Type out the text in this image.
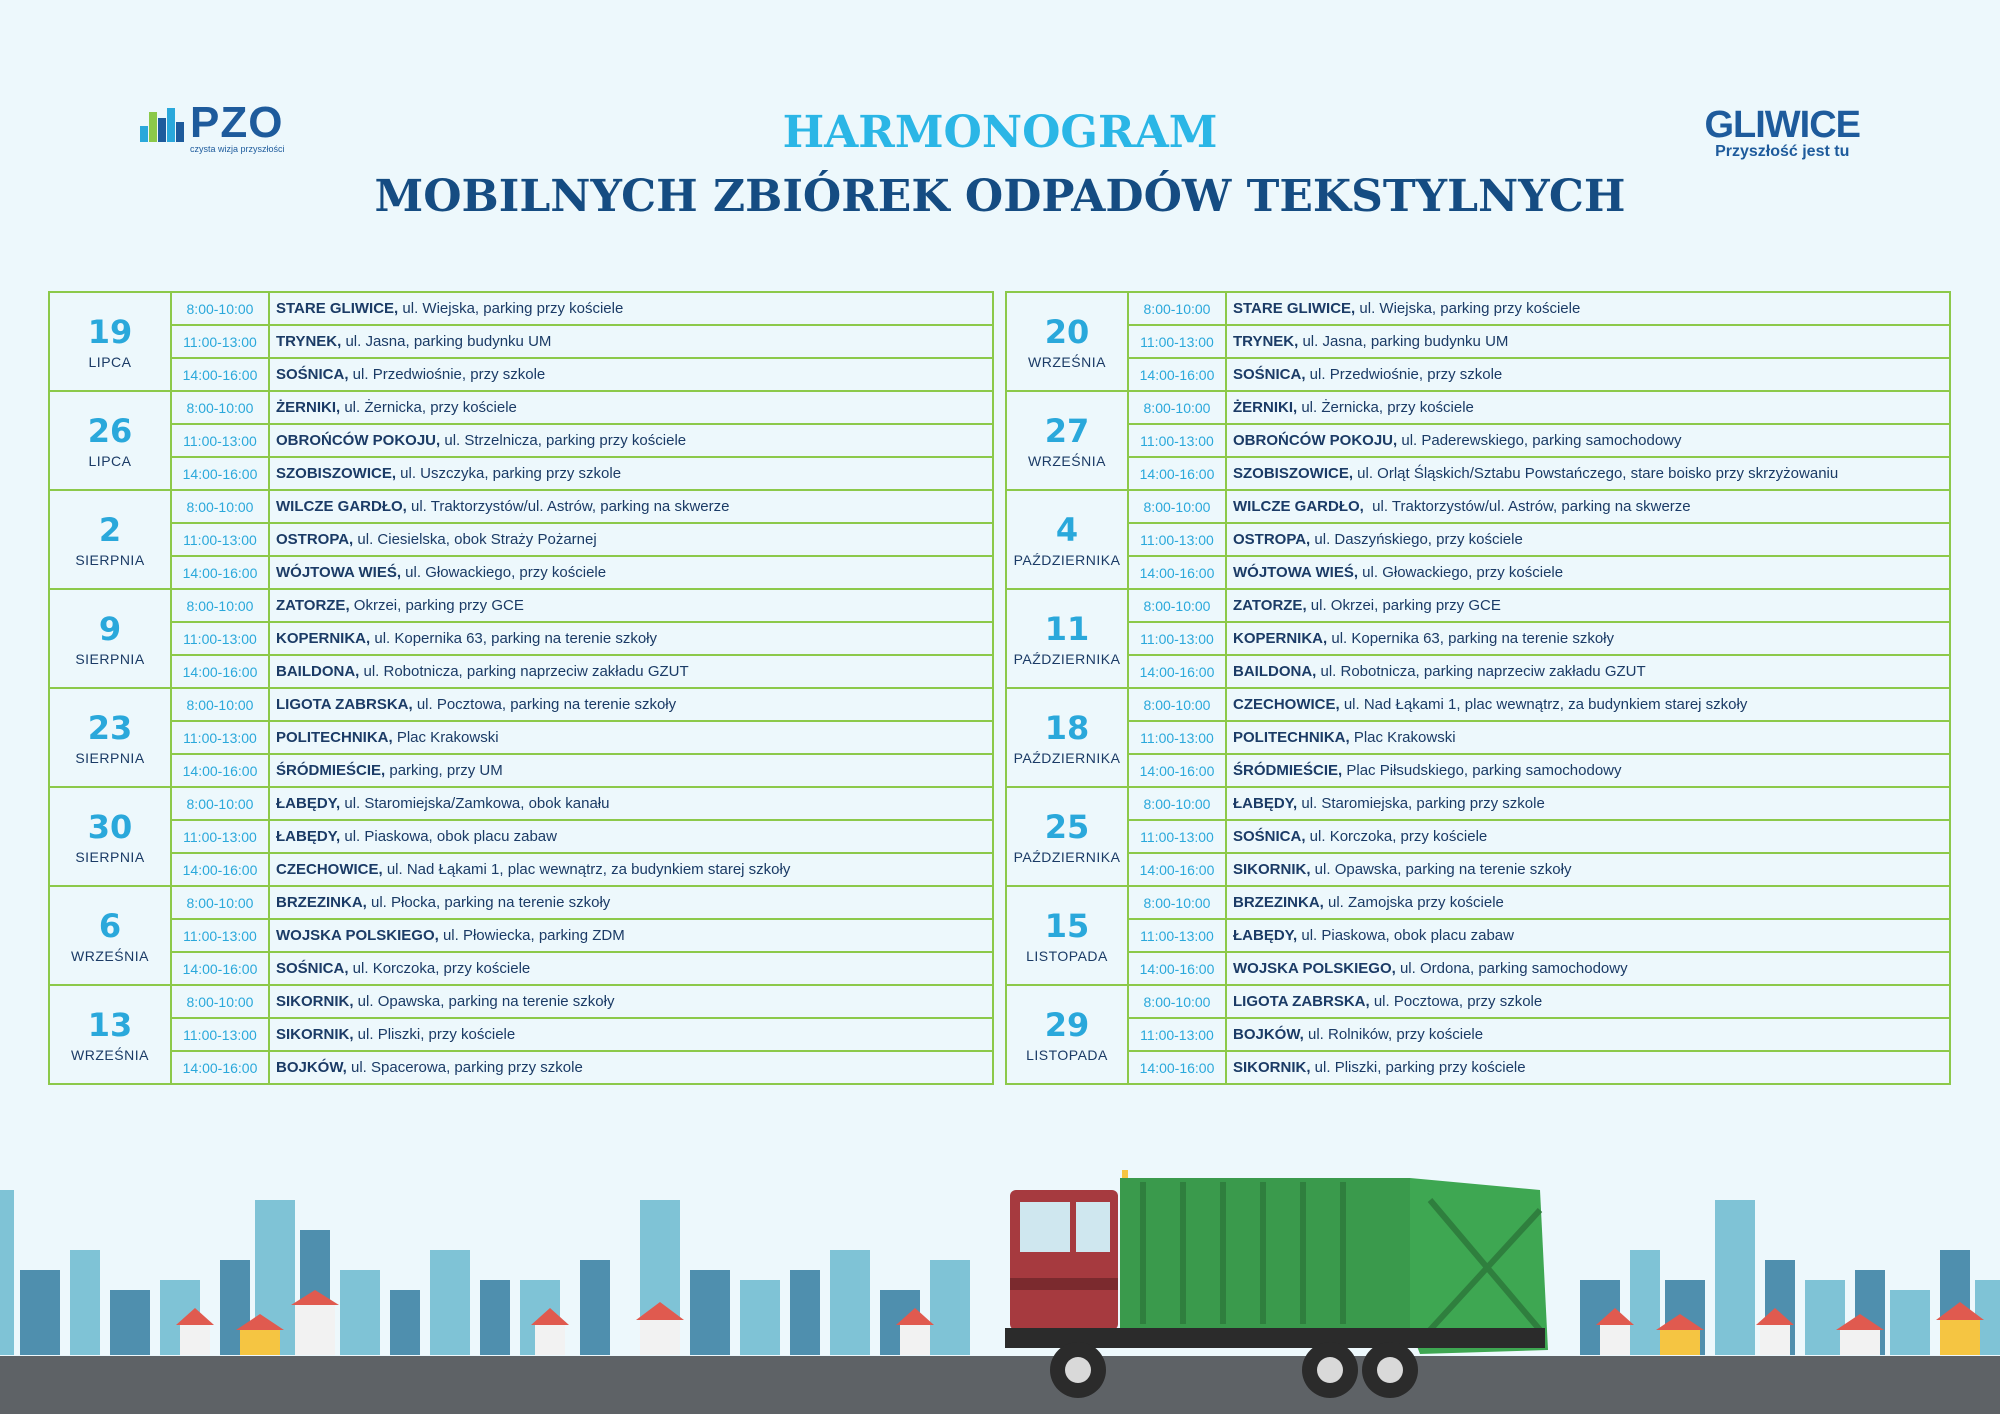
PZO
czysta wizja przyszłości
GLIWICE
Przyszłość jest tu
HARMONOGRAM
MOBILNYCH ZBIÓREK ODPADÓW TEKSTYLNYCH
19
LIPCA	8:00-10:00	STARE GLIWICE, ul. Wiejska, parking przy kościele
	11:00-13:00	TRYNEK, ul. Jasna, parking budynku UM
	14:00-16:00	SOŚNICA, ul. Przedwiośnie, przy szkole

26
LIPCA	8:00-10:00	ŻERNIKI, ul. Żernicka, przy kościele
	11:00-13:00	OBROŃCÓW POKOJU, ul. Strzelnicza, parking przy kościele
	14:00-16:00	SZOBISZOWICE, ul. Uszczyka, parking przy szkole

2
SIERPNIA	8:00-10:00	WILCZE GARDŁO, ul. Traktorzystów/ul. Astrów, parking na skwerze
	11:00-13:00	OSTROPA, ul. Ciesielska, obok Straży Pożarnej
	14:00-16:00	WÓJTOWA WIEŚ, ul. Głowackiego, przy kościele

9
SIERPNIA	8:00-10:00	ZATORZE, Okrzei, parking przy GCE
	11:00-13:00	KOPERNIKA, ul. Kopernika 63, parking na terenie szkoły
	14:00-16:00	BAILDONA, ul. Robotnicza, parking naprzeciw zakładu GZUT

23
SIERPNIA	8:00-10:00	LIGOTA ZABRSKA, ul. Pocztowa, parking na terenie szkoły
	11:00-13:00	POLITECHNIKA, Plac Krakowski
	14:00-16:00	ŚRÓDMIEŚCIE, parking, przy UM

30
SIERPNIA	8:00-10:00	ŁABĘDY, ul. Staromiejska/Zamkowa, obok kanału
	11:00-13:00	ŁABĘDY, ul. Piaskowa, obok placu zabaw
	14:00-16:00	CZECHOWICE, ul. Nad Łąkami 1, plac wewnątrz, za budynkiem starej szkoły

6
WRZEŚNIA	8:00-10:00	BRZEZINKA, ul. Płocka, parking na terenie szkoły
	11:00-13:00	WOJSKA POLSKIEGO, ul. Płowiecka, parking ZDM
	14:00-16:00	SOŚNICA, ul. Korczoka, przy kościele

13
WRZEŚNIA	8:00-10:00	SIKORNIK, ul. Opawska, parking na terenie szkoły
	11:00-13:00	SIKORNIK, ul. Pliszki, przy kościele
	14:00-16:00	BOJKÓW, ul. Spacerowa, parking przy szkole
20
WRZEŚNIA	8:00-10:00	STARE GLIWICE, ul. Wiejska, parking przy kościele
	11:00-13:00	TRYNEK, ul. Jasna, parking budynku UM
	14:00-16:00	SOŚNICA, ul. Przedwiośnie, przy szkole

27
WRZEŚNIA	8:00-10:00	ŻERNIKI, ul. Żernicka, przy kościele
	11:00-13:00	OBROŃCÓW POKOJU, ul. Paderewskiego, parking samochodowy
	14:00-16:00	SZOBISZOWICE, ul. Orląt Śląskich/Sztabu Powstańczego, stare boisko przy skrzyżowaniu

4
PAŹDZIERNIKA	8:00-10:00	WILCZE GARDŁO,  ul. Traktorzystów/ul. Astrów, parking na skwerze
	11:00-13:00	OSTROPA, ul. Daszyńskiego, przy kościele
	14:00-16:00	WÓJTOWA WIEŚ, ul. Głowackiego, przy kościele

11
PAŹDZIERNIKA	8:00-10:00	ZATORZE, ul. Okrzei, parking przy GCE
	11:00-13:00	KOPERNIKA, ul. Kopernika 63, parking na terenie szkoły
	14:00-16:00	BAILDONA, ul. Robotnicza, parking naprzeciw zakładu GZUT

18
PAŹDZIERNIKA	8:00-10:00	CZECHOWICE, ul. Nad Łąkami 1, plac wewnątrz, za budynkiem starej szkoły
	11:00-13:00	POLITECHNIKA, Plac Krakowski
	14:00-16:00	ŚRÓDMIEŚCIE, Plac Piłsudskiego, parking samochodowy

25
PAŹDZIERNIKA	8:00-10:00	ŁABĘDY, ul. Staromiejska, parking przy szkole
	11:00-13:00	SOŚNICA, ul. Korczoka, przy kościele
	14:00-16:00	SIKORNIK, ul. Opawska, parking na terenie szkoły

15
LISTOPADA	8:00-10:00	BRZEZINKA, ul. Zamojska przy kościele
	11:00-13:00	ŁABĘDY, ul. Piaskowa, obok placu zabaw
	14:00-16:00	WOJSKA POLSKIEGO, ul. Ordona, parking samochodowy

29
LISTOPADA	8:00-10:00	LIGOTA ZABRSKA, ul. Pocztowa, przy szkole
	11:00-13:00	BOJKÓW, ul. Rolników, przy kościele
	14:00-16:00	SIKORNIK, ul. Pliszki, parking przy kościele
